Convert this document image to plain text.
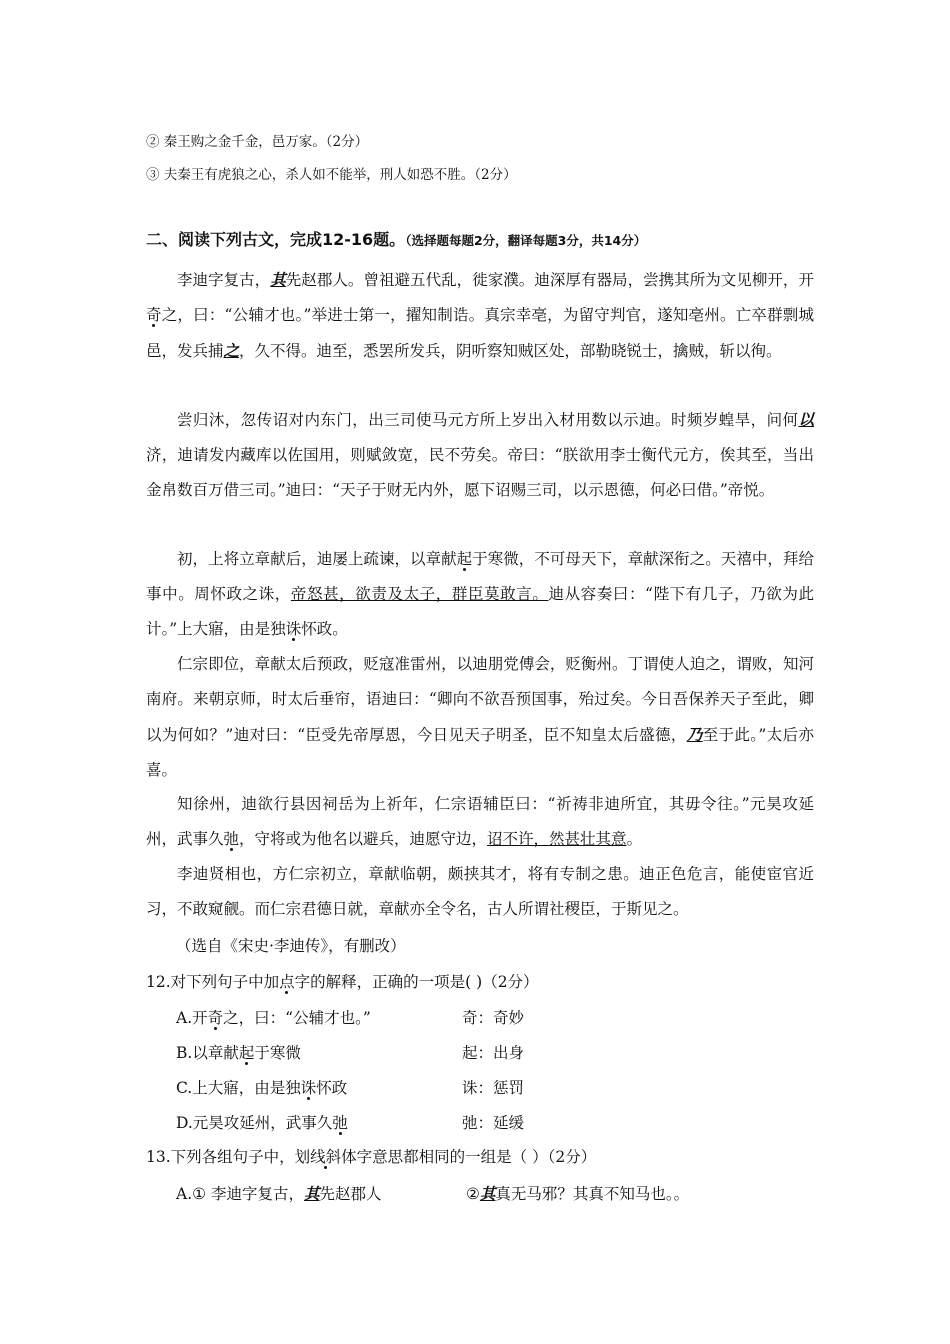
② 秦王购之金千金，邑万家。（2分）
③ 夫秦王有虎狼之心，杀人如不能举，刑人如恐不胜。（2分）
二、阅读下列古文，完成12-16题。（选择题每题2分，翻译每题3分，共14分）
李迪字复古，其先赵郡人。曾祖避五代乱，徙家濮。迪深厚有器局，尝携其所为文见柳开，开奇之，曰：“公辅才也。”举进士第一，擢知制诰。真宗幸亳，为留守判官，遂知亳州。亡卒群剽城邑，发兵捕之，久不得。迪至，悉罢所发兵，阴听察知贼区处，部勒晓锐士，擒贼，斩以徇。
尝归沐，忽传诏对内东门，出三司使马元方所上岁出入材用数以示迪。时频岁蝗旱，问何以济，迪请发内藏库以佐国用，则赋敛宽，民不劳矣。帝曰：“朕欲用李士衡代元方，俟其至，当出金帛数百万借三司。”迪曰：“天子于财无内外，愿下诏赐三司，以示恩德，何必曰借。”帝悦。
初，上将立章献后，迪屡上疏谏，以章献起于寒微，不可母天下，章献深衔之。天禧中，拜给事中。周怀政之诛，帝怒甚，欲责及太子，群臣莫敢言。迪从容奏曰：“陛下有几子，乃欲为此计。”上大寤，由是独诛怀政。
仁宗即位，章献太后预政，贬寇准雷州，以迪朋党傅会，贬衡州。丁谓使人迫之，谓败，知河南府。来朝京师，时太后垂帘，语迪曰：“卿向不欲吾预国事，殆过矣。今日吾保养天子至此，卿以为何如？”迪对曰：“臣受先帝厚恩，今日见天子明圣，臣不知皇太后盛德，乃至于此。”太后亦喜。
知徐州，迪欲行县因祠岳为上祈年，仁宗语辅臣曰：“祈祷非迪所宜，其毋令往。”元昊攻延州，武事久弛，守将或为他名以避兵，迪愿守边，诏不许，然甚壮其意。
李迪贤相也，方仁宗初立，章献临朝，颇挟其才，将有专制之患。迪正色危言，能使宦官近习，不敢窥觎。而仁宗君德日就，章献亦全令名，古人所谓社稷臣，于斯见之。
（选自《宋史·李迪传》，有删改）
12.对下列句子中加点字的解释，正确的一项是( )（2分）
A.开奇之，曰：“公辅才也。”	奇：奇妙
B.以章献起于寒微	起：出身
C.上大寤，由是独诛怀政	诛：惩罚
D.元昊攻延州，武事久弛	弛：延缓
13.下列各组句子中，划线斜体字意思都相同的一组是（ ）（2分）
A.① 李迪字复古，其先赵郡人	②其真无马邪？其真不知马也。。
